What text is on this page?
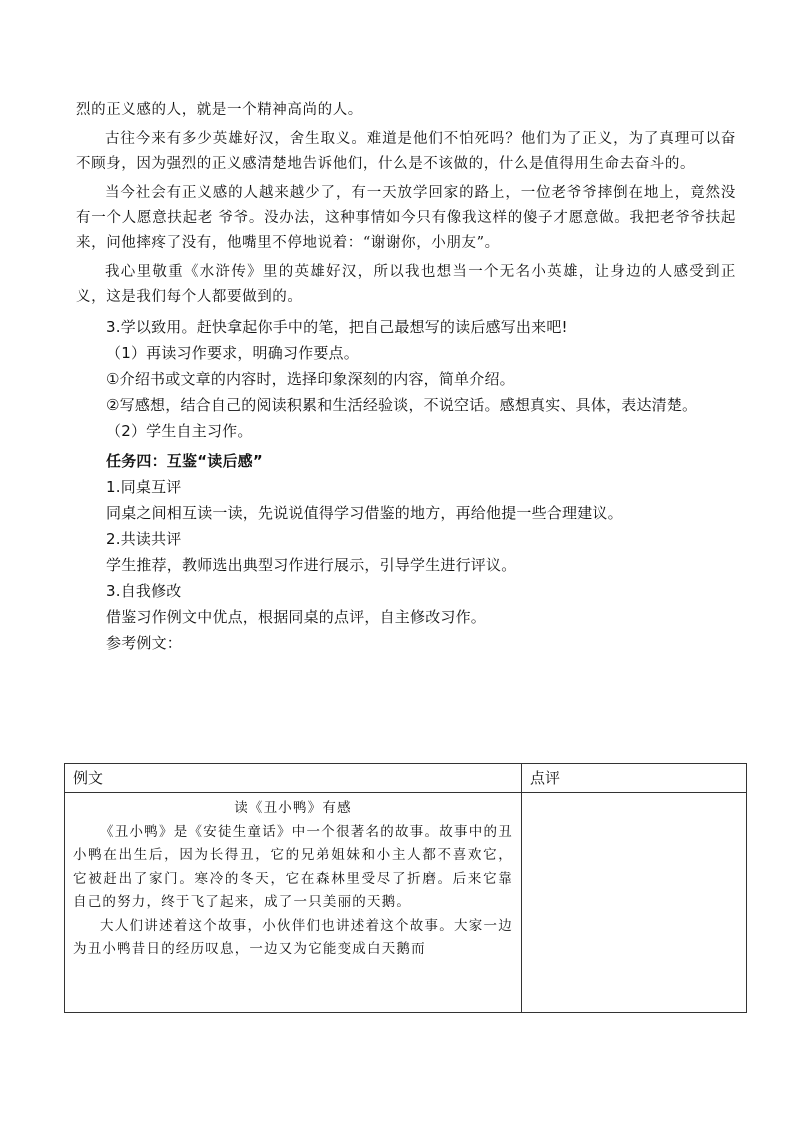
烈的正义感的人，就是一个精神高尚的人。

古往今来有多少英雄好汉，舍生取义。难道是他们不怕死吗？他们为了正义，为了真理可以奋不顾身，因为强烈的正义感清楚地告诉他们，什么是不该做的，什么是值得用生命去奋斗的。

当今社会有正义感的人越来越少了，有一天放学回家的路上，一位老爷爷摔倒在地上，竟然没有一个人愿意扶起老 爷爷。没办法，这种事情如今只有像我这样的傻子才愿意做。我把老爷爷扶起来，问他摔疼了没有，他嘴里不停地说着：“谢谢你，小朋友”。

我心里敬重《水浒传》里的英雄好汉，所以我也想当一个无名小英雄，让身边的人感受到正义，这是我们每个人都要做到的。

3.学以致用。赶快拿起你手中的笔，把自己最想写的读后感写出来吧!

（1）再读习作要求，明确习作要点。

①介绍书或文章的内容时，选择印象深刻的内容，简单介绍。

②写感想，结合自己的阅读积累和生活经验谈，不说空话。感想真实、具体，表达清楚。

（2）学生自主习作。

任务四：互鉴“读后感”

1.同桌互评

同桌之间相互读一读，先说说值得学习借鉴的地方，再给他提一些合理建议。

2.共读共评

学生推荐，教师选出典型习作进行展示，引导学生进行评议。

3.自我修改

借鉴习作例文中优点，根据同桌的点评，自主修改习作。

参考例文：

例文	点评

读《丑小鸭》有感

《丑小鸭》是《安徒生童话》中一个很著名的故事。故事中的丑小鸭在出生后，因为长得丑，它的兄弟姐妹和小主人都不喜欢它，它被赶出了家门。寒冷的冬天，它在森林里受尽了折磨。后来它靠自己的努力，终于飞了起来，成了一只美丽的天鹅。

大人们讲述着这个故事，小伙伴们也讲述着这个故事。大家一边为丑小鸭昔日的经历叹息，一边又为它能变成白天鹅而	
